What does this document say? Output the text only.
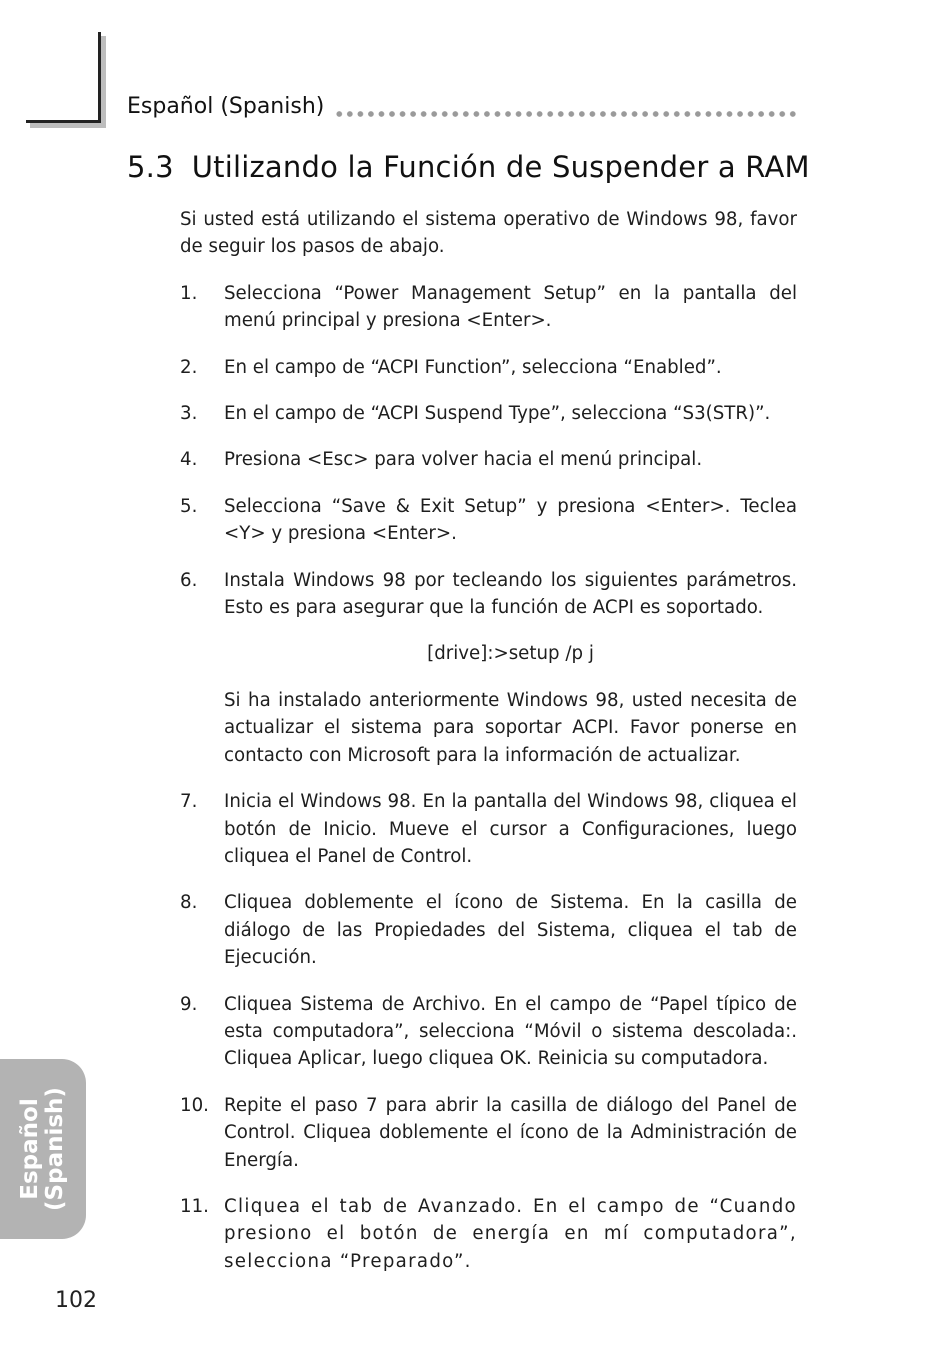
Español (Spanish)
5.3 Utilizando la Función de Suspender a RAM

Si usted está utilizando el sistema operativo de Windows 98, favor de seguir los pasos de abajo.

1.	Selecciona “Power Management Setup” en la pantalla del menú principal y presiona <Enter>.
2.	En el campo de “ACPI Function”, selecciona “Enabled”.
3.	En el campo de “ACPI Suspend Type”, selecciona “S3(STR)”.
4.	Presiona <Esc> para volver hacia el menú principal.
5.	Selecciona “Save & Exit Setup” y presiona <Enter>. Teclea <Y> y presiona <Enter>.
6.	Instala Windows 98 por tecleando los siguientes parámetros. Esto es para asegurar que la función de ACPI es soportado.
[drive]:>setup /p j

Si ha instalado anteriormente Windows 98, usted necesita de actualizar el sistema para soportar ACPI. Favor ponerse en contacto con Microsoft para la información de actualizar.

7.	Inicia el Windows 98. En la pantalla del Windows 98, cliquea el botón de Inicio. Mueve el cursor a Configuraciones, luego cliquea el Panel de Control.
8.	Cliquea doblemente el ícono de Sistema. En la casilla de diálogo de las Propiedades del Sistema, cliquea el tab de Ejecución.
9.	Cliquea Sistema de Archivo. En el campo de “Papel típico de esta computadora”, selecciona “Móvil o sistema descolada:. Cliquea Aplicar, luego cliquea OK. Reinicia su computadora.
10. Repite el paso 7 para abrir la casilla de diálogo del Panel de Control. Cliquea doblemente el ícono de la Administración de Energía.
11. Cliquea el tab de Avanzado. En el campo de “Cuando presiono el botón de energía en mí computadora”, selecciona “Preparado”.
Español (Spanish)
102
